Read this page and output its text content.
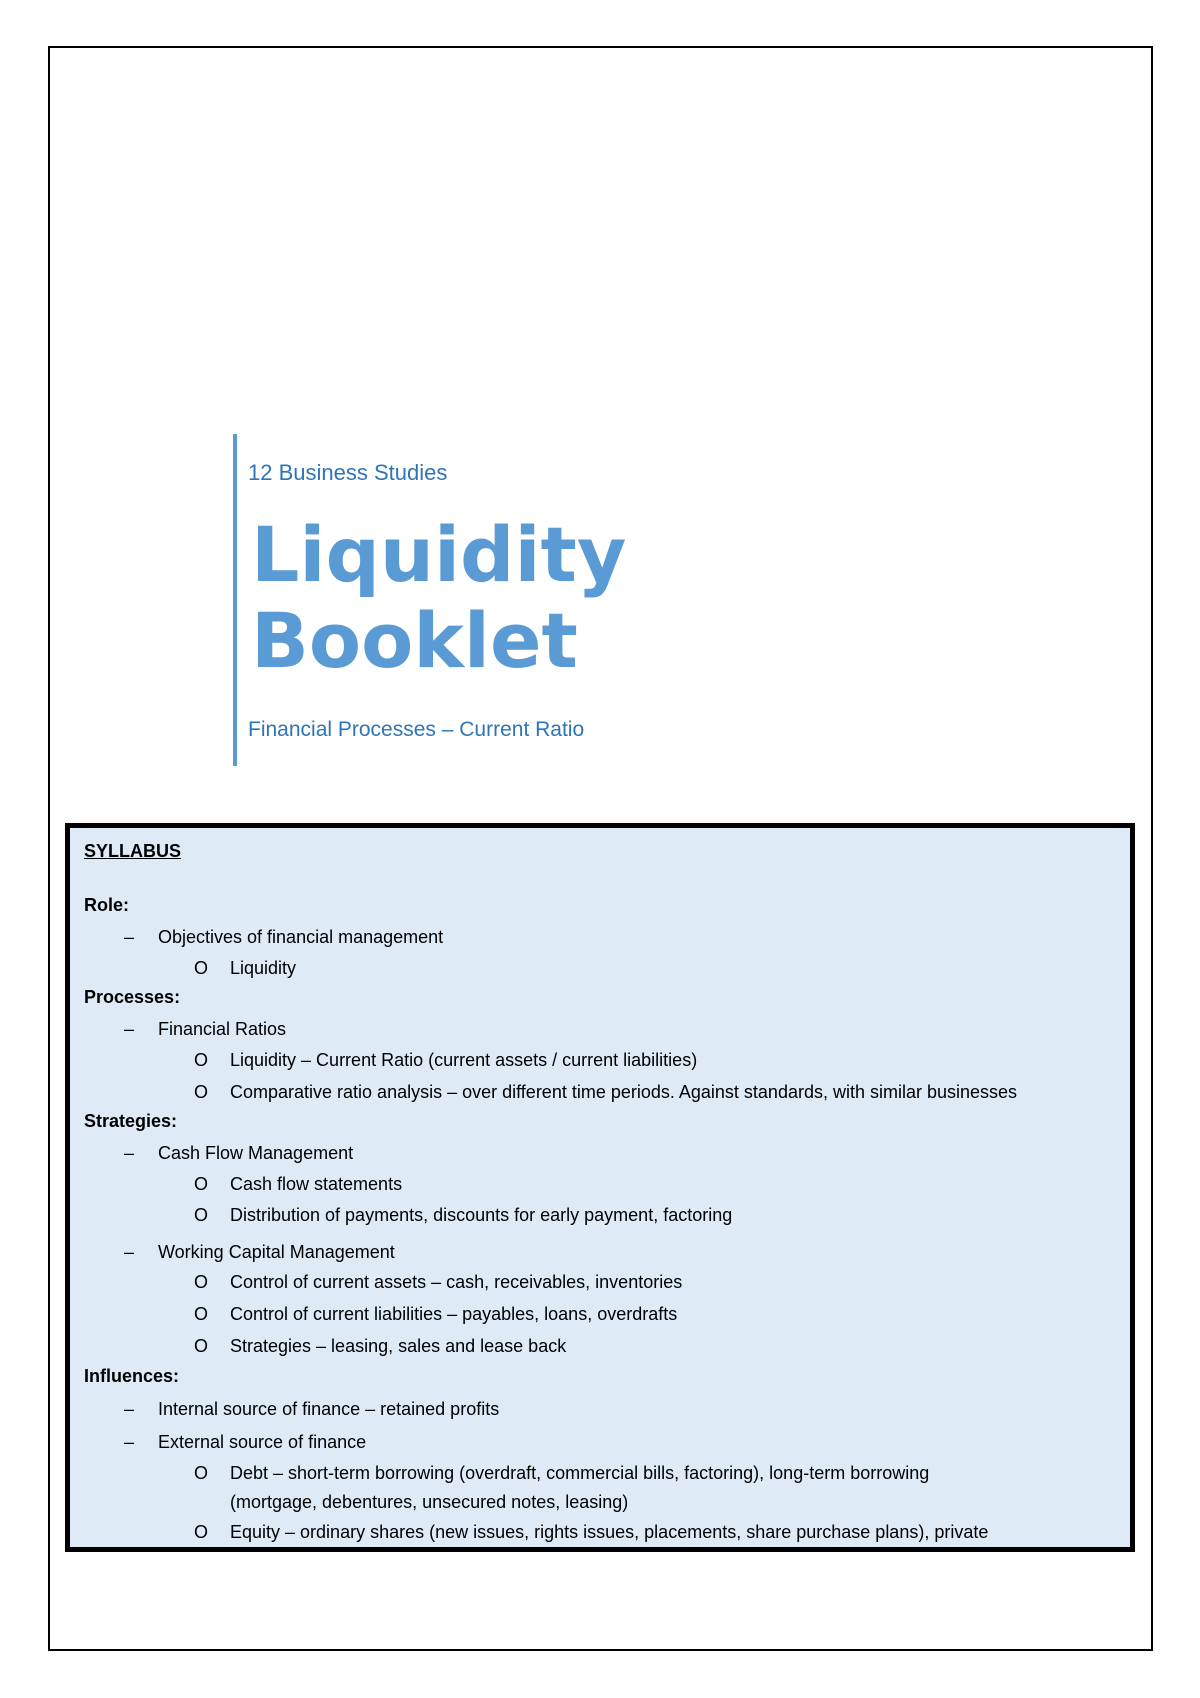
12 Business Studies
Liquidity
Booklet
Financial Processes – Current Ratio
SYLLABUS
Role:
– Objectives of financial management
O Liquidity
Processes:
– Financial Ratios
O Liquidity – Current Ratio (current assets / current liabilities)
O Comparative ratio analysis – over different time periods. Against standards, with similar businesses
Strategies:
– Cash Flow Management
O Cash flow statements
O Distribution of payments, discounts for early payment, factoring
– Working Capital Management
O Control of current assets – cash, receivables, inventories
O Control of current liabilities – payables, loans, overdrafts
O Strategies – leasing, sales and lease back
Influences:
– Internal source of finance – retained profits
– External source of finance
O Debt – short-term borrowing (overdraft, commercial bills, factoring), long-term borrowing
(mortgage, debentures, unsecured notes, leasing)
O Equity – ordinary shares (new issues, rights issues, placements, share purchase plans), private
